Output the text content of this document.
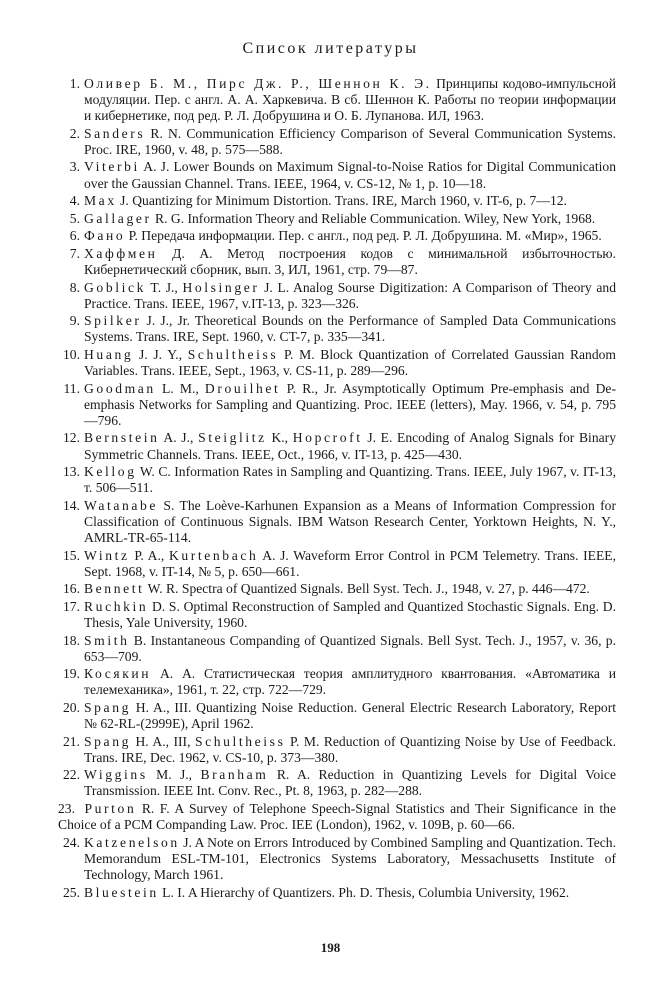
Список литературы
1. Оливер Б. М., Пирс Дж. Р., Шеннон К. Э. Принципы кодово-импульсной модуляции. Пер. с англ. А. А. Харкевича. В сб. Шеннон К. Работы по теории информации и кибернетике, под ред. Р. Л. Добрушина и О. Б. Лупанова. ИЛ, 1963.
2. Sanders R. N. Communication Efficiency Comparison of Several Communication Systems. Proc. IRE, 1960, v. 48, p. 575—588.
3. Viterbi A. J. Lower Bounds on Maximum Signal-to-Noise Ratios for Digital Communication over the Gaussian Channel. Trans. IEEE, 1964, v. CS-12, № 1, p. 10—18.
4. Max J. Quantizing for Minimum Distortion. Trans. IRE, March 1960, v. IT-6, p. 7—12.
5. Gallager R. G. Information Theory and Reliable Communication. Wiley, New York, 1968.
6. Фано Р. Передача информации. Пер. с англ., под ред. Р. Л. Добрушина. М. «Мир», 1965.
7. Хаффмен Д. А. Метод построения кодов с минимальной избыточностью. Кибернетический сборник, вып. 3, ИЛ, 1961, стр. 79—87.
8. Goblick T. J., Holsinger J. L. Analog Sourse Digitization: A Comparison of Theory and Practice. Trans. IEEE, 1967, v.IT-13, p. 323—326.
9. Spilker J. J., Jr. Theoretical Bounds on the Performance of Sampled Data Communications Systems. Trans. IRE, Sept. 1960, v. CT-7, p. 335—341.
10. Huang J. J. Y., Schultheiss P. M. Block Quantization of Correlated Gaussian Random Variables. Trans. IEEE, Sept., 1963, v. CS-11, p. 289—296.
11. Goodman L. M., Drouilhet P. R., Jr. Asymptotically Optimum Pre-emphasis and De-emphasis Networks for Sampling and Quantizing. Proc. IEEE (letters), May. 1966, v. 54, p. 795—796.
12. Bernstein A. J., Steiglitz K., Hopcroft J. E. Encoding of Analog Signals for Binary Symmetric Channels. Trans. IEEE, Oct., 1966, v. IT-13, p. 425—430.
13. Kellog W. C. Information Rates in Sampling and Quantizing. Trans. IEEE, July 1967, v. IT-13, т. 506—511.
14. Watanabe S. The Loève-Karhunen Expansion as a Means of Information Compression for Classification of Continuous Signals. IBM Watson Research Center, Yorktown Heights, N. Y., AMRL-TR-65-114.
15. Wintz P. A., Kurtenbach A. J. Waveform Error Control in PCM Telemetry. Trans. IEEE, Sept. 1968, v. IT-14, № 5, p. 650—661.
16. Bennett W. R. Spectra of Quantized Signals. Bell Syst. Tech. J., 1948, v. 27, p. 446—472.
17. Ruchkin D. S. Optimal Reconstruction of Sampled and Quantized Stochastic Signals. Eng. D. Thesis, Yale University, 1960.
18. Smith B. Instantaneous Companding of Quantized Signals. Bell Syst. Tech. J., 1957, v. 36, p. 653—709.
19. Косякин А. А. Статистическая теория амплитудного квантования. «Автоматика и телемеханика», 1961, т. 22, стр. 722—729.
20. Spang H. A., III. Quantizing Noise Reduction. General Electric Research Laboratory, Report № 62-RL-(2999E), April 1962.
21. Spang H. A., III, Schultheiss P. M. Reduction of Quantizing Noise by Use of Feedback. Trans. IRE, Dec. 1962, v. CS-10, p. 373—380.
22. Wiggins M. J., Branham R. A. Reduction in Quantizing Levels for Digital Voice Transmission. IEEE Int. Conv. Rec., Pt. 8, 1963, p. 282—288.
23. Purton R. F. A Survey of Telephone Speech-Signal Statistics and Their Significance in the Choice of a PCM Companding Law. Proc. IEE (London), 1962, v. 109B, p. 60—66.
24. Katzenelson J. A Note on Errors Introduced by Combined Sampling and Quantization. Tech. Memorandum ESL-TM-101, Electronics Systems Laboratory, Messachusetts Institute of Technology, March 1961.
25. Bluestein L. I. A Hierarchy of Quantizers. Ph. D. Thesis, Columbia University, 1962.
198
